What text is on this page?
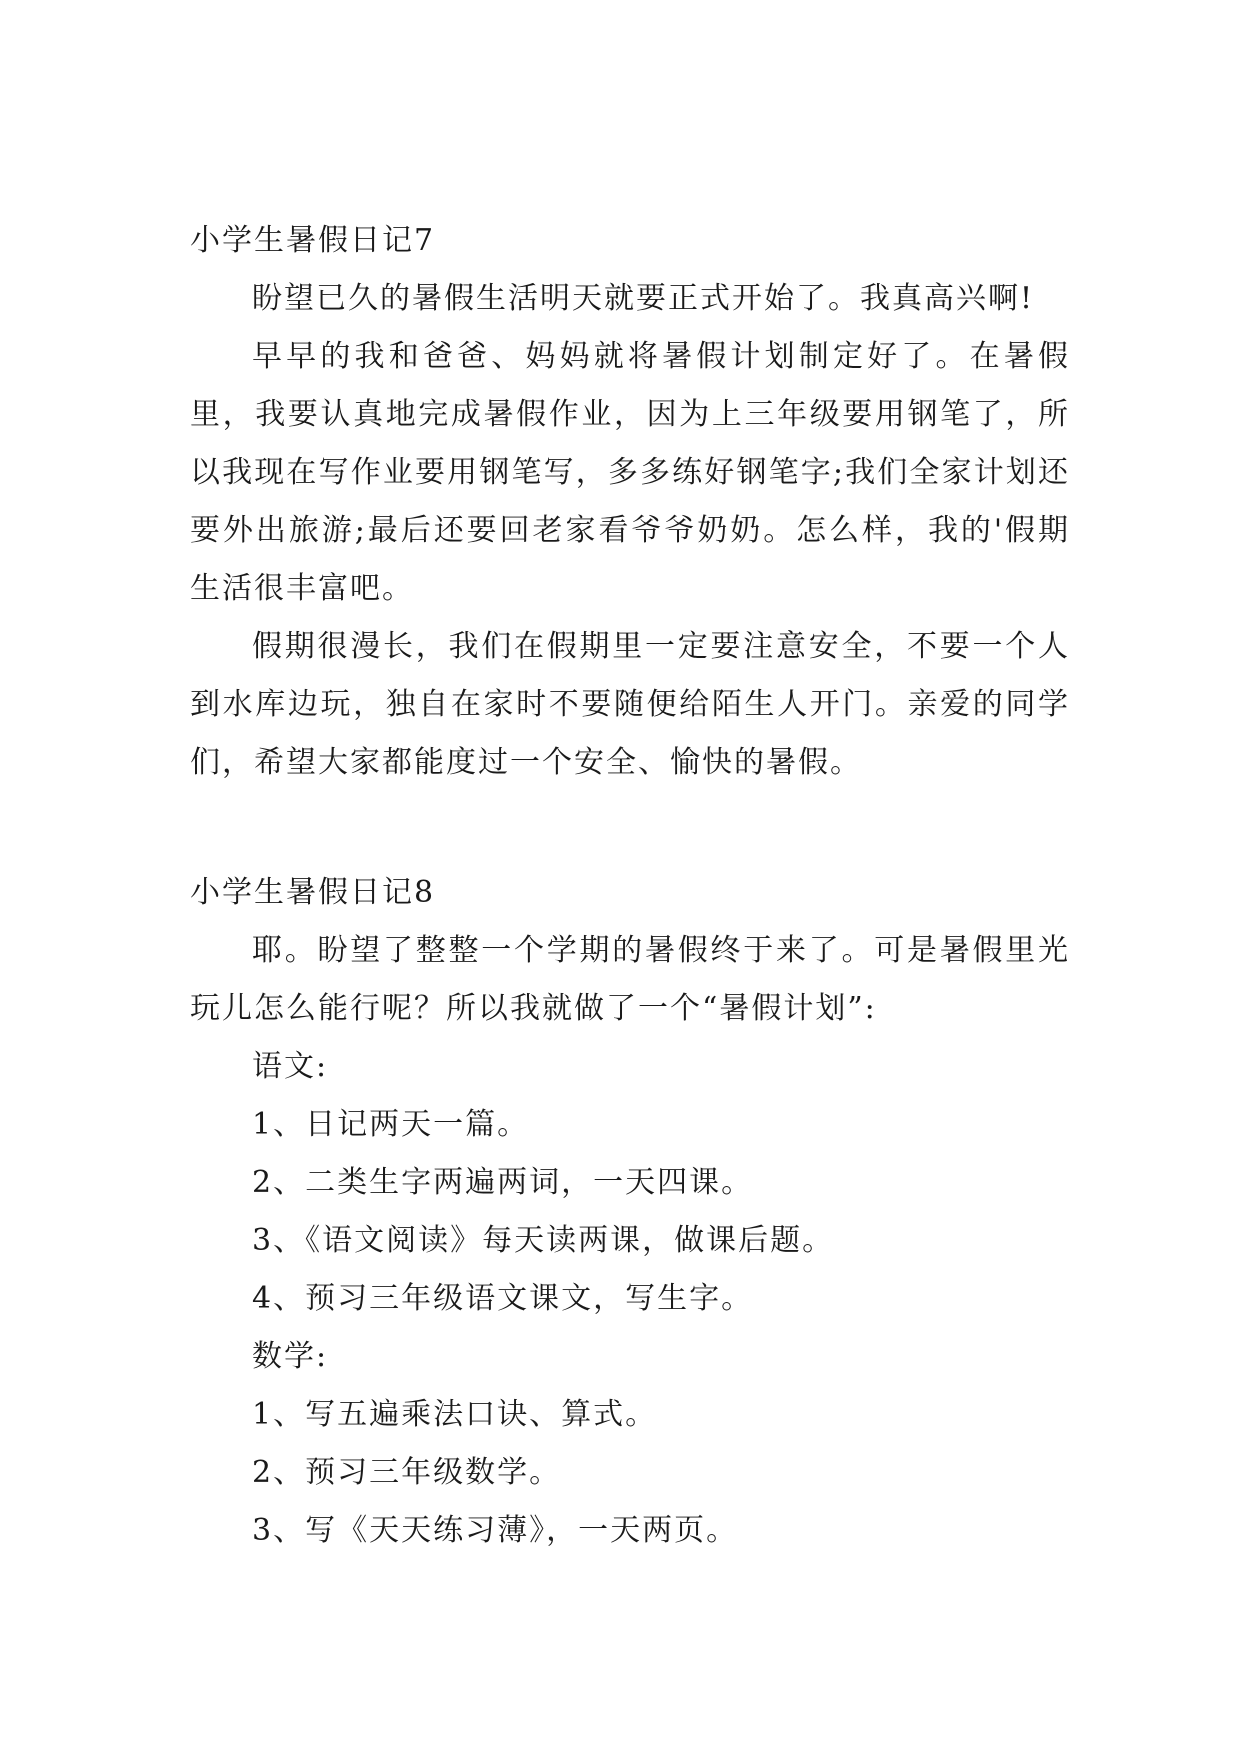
小学生暑假日记7

盼望已久的暑假生活明天就要正式开始了。我真高兴啊!

早早的我和爸爸、妈妈就将暑假计划制定好了。在暑假里，我要认真地完成暑假作业，因为上三年级要用钢笔了，所以我现在写作业要用钢笔写，多多练好钢笔字;我们全家计划还要外出旅游;最后还要回老家看爷爷奶奶。怎么样，我的'假期生活很丰富吧。

假期很漫长，我们在假期里一定要注意安全，不要一个人到水库边玩，独自在家时不要随便给陌生人开门。亲爱的同学们，希望大家都能度过一个安全、愉快的暑假。

小学生暑假日记8

耶。盼望了整整一个学期的暑假终于来了。可是暑假里光玩儿怎么能行呢？所以我就做了一个“暑假计划”:

语文:

1、日记两天一篇。

2、二类生字两遍两词，一天四课。

3、《语文阅读》每天读两课，做课后题。

4、预习三年级语文课文，写生字。

数学:

1、写五遍乘法口诀、算式。

2、预习三年级数学。

3、写《天天练习薄》，一天两页。
